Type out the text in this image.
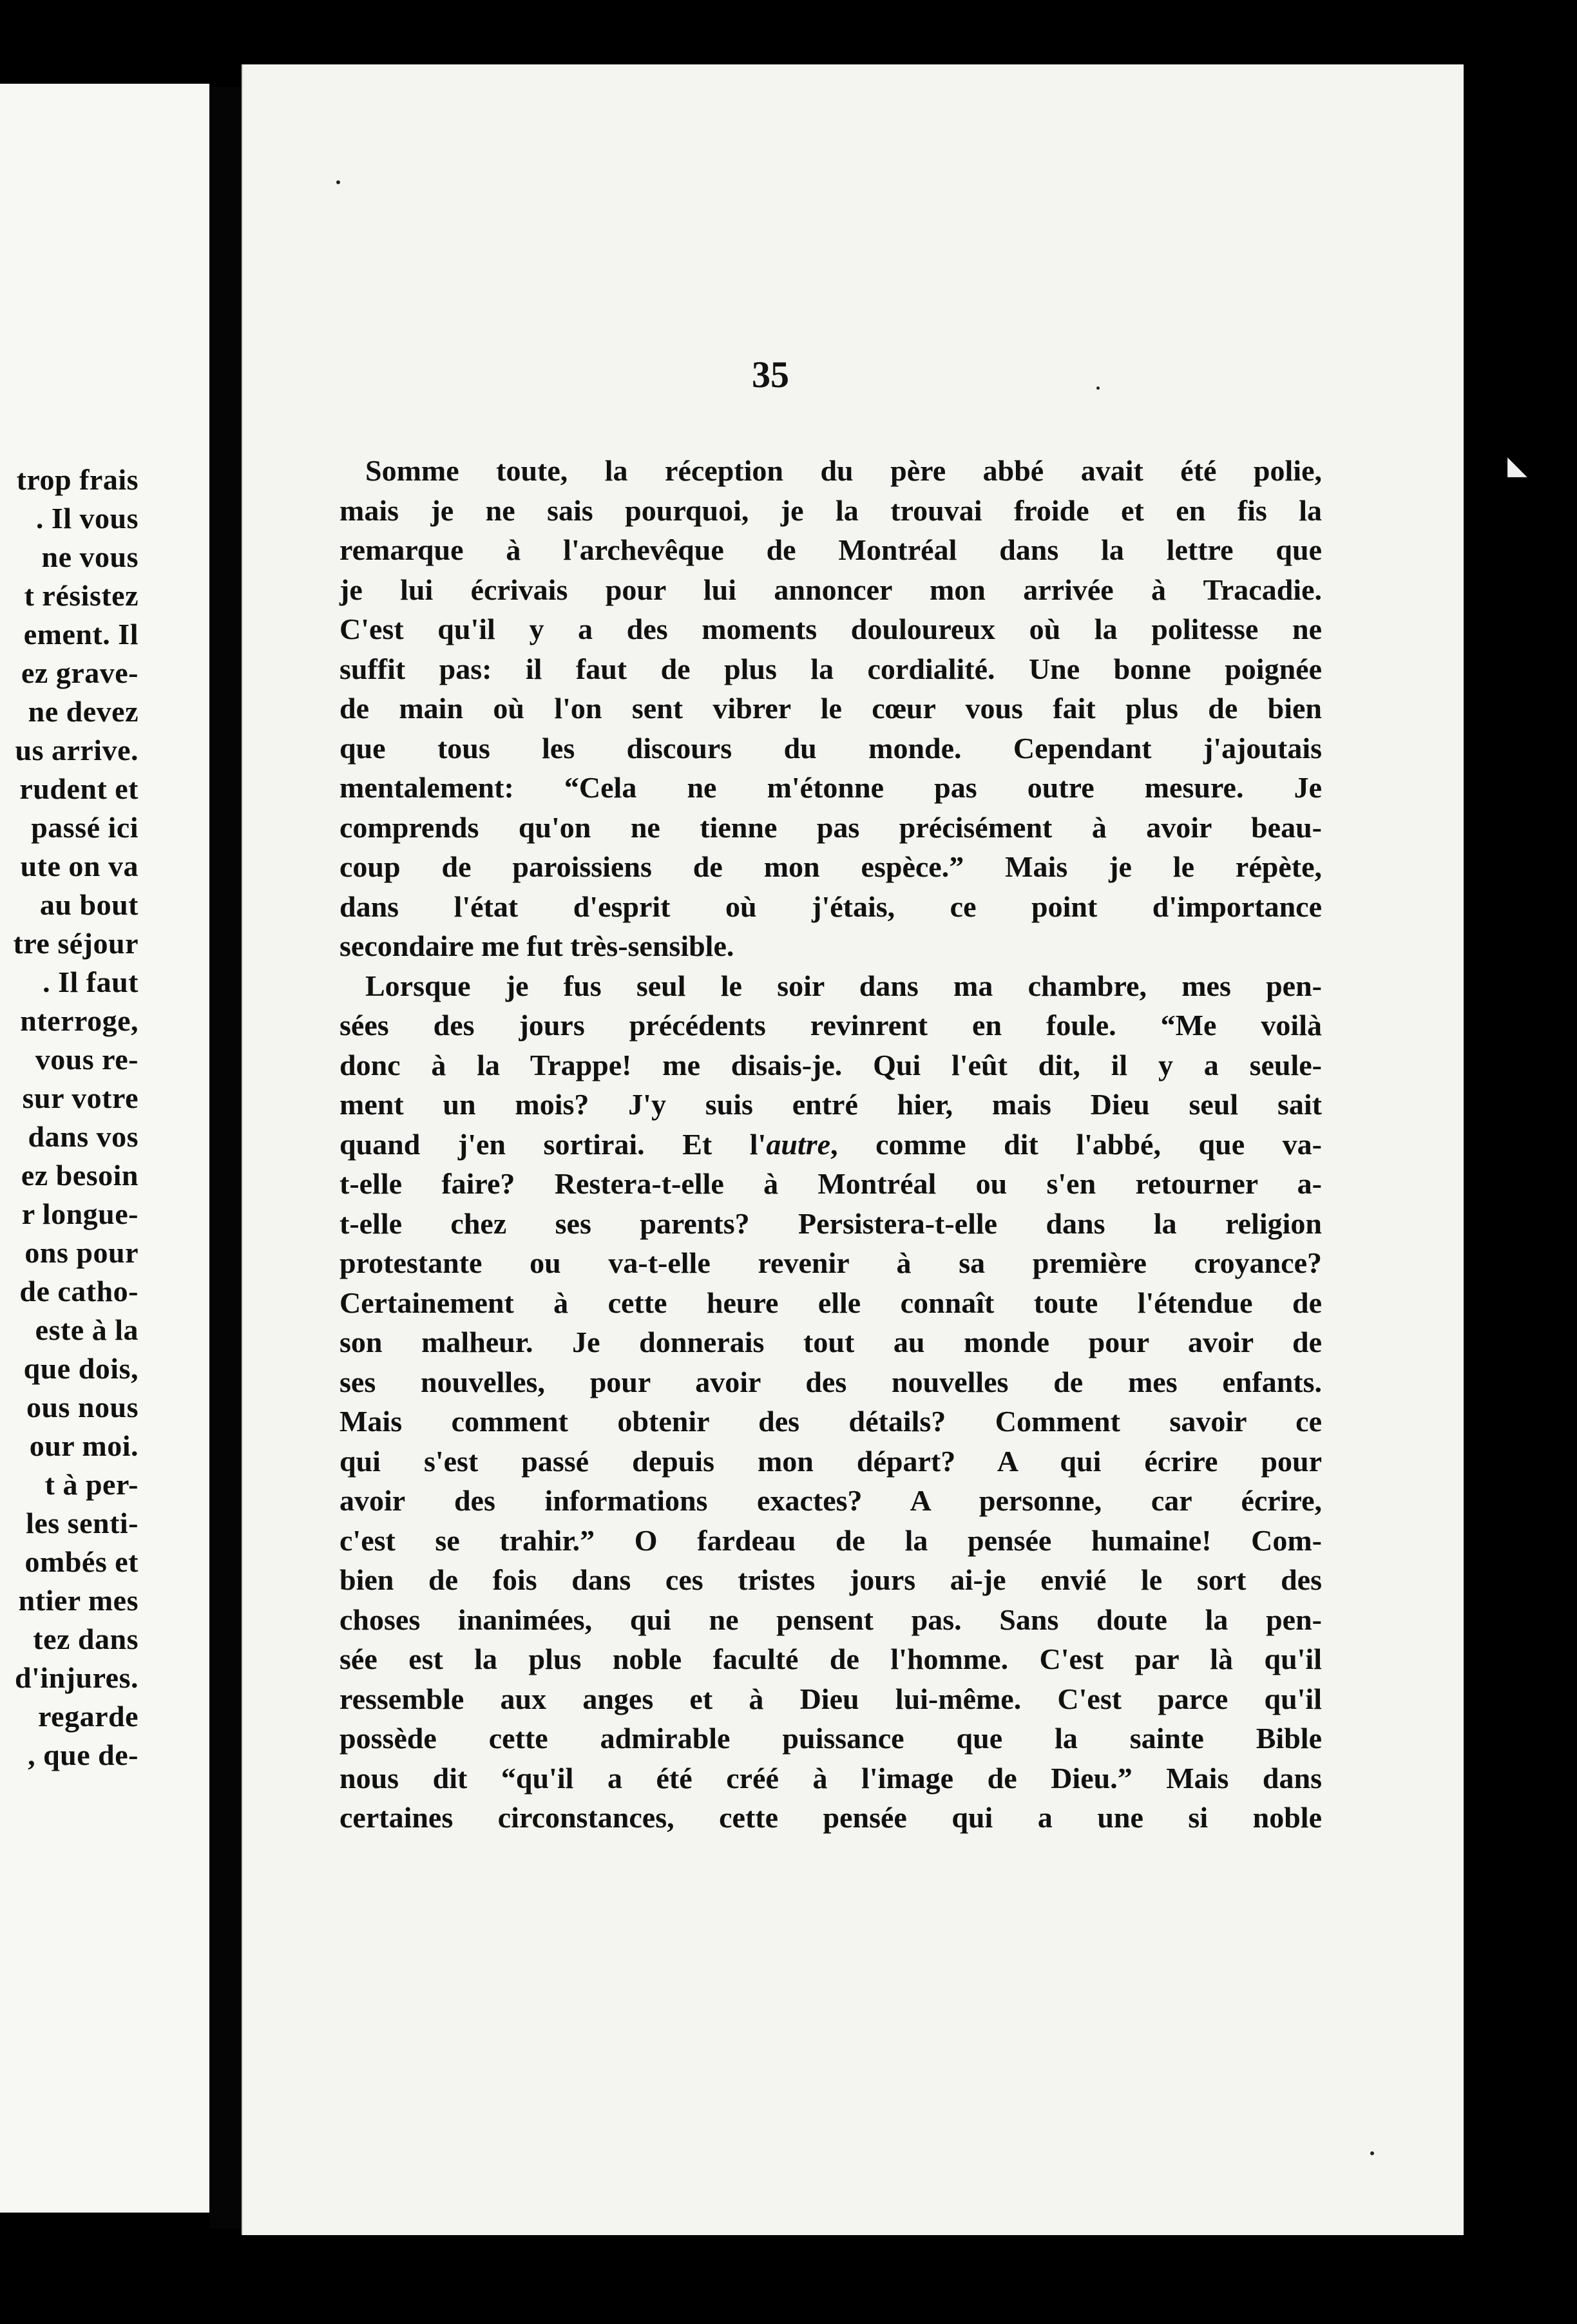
trop frais
. Il vous
ne vous
t résistez
ement. Il
ez grave-
ne devez
us arrive.
rudent et
passé ici
ute on va
au bout
tre séjour
. Il faut
nterroge,
vous re-
sur votre
dans vos
ez besoin
r longue-
ons pour
de catho-
este à la
que dois,
ous nous
our moi.
t à per-
les senti-
ombés et
ntier mes
tez dans
d'injures.
regarde
, que de-
35
Somme toute, la réception du père abbé avait été polie,
mais je ne sais pourquoi, je la trouvai froide et en fis la
remarque à l'archevêque de Montréal dans la lettre que
je lui écrivais pour lui annoncer mon arrivée à Tracadie.
C'est qu'il y a des moments douloureux où la politesse ne
suffit pas: il faut de plus la cordialité. Une bonne poignée
de main où l'on sent vibrer le cœur vous fait plus de bien
que tous les discours du monde. Cependant j'ajoutais
mentalement: “Cela ne m'étonne pas outre mesure. Je
comprends qu'on ne tienne pas précisément à avoir beau-
coup de paroissiens de mon espèce.” Mais je le répète,
dans l'état d'esprit où j'étais, ce point d'importance
secondaire me fut très-sensible.
Lorsque je fus seul le soir dans ma chambre, mes pen-
sées des jours précédents revinrent en foule. “Me voilà
donc à la Trappe! me disais-je. Qui l'eût dit, il y a seule-
ment un mois? J'y suis entré hier, mais Dieu seul sait
quand j'en sortirai. Et l'autre, comme dit l'abbé, que va-
t-elle faire? Restera-t-elle à Montréal ou s'en retourner a-
t-elle chez ses parents? Persistera-t-elle dans la religion
protestante ou va-t-elle revenir à sa première croyance?
Certainement à cette heure elle connaît toute l'étendue de
son malheur. Je donnerais tout au monde pour avoir de
ses nouvelles, pour avoir des nouvelles de mes enfants.
Mais comment obtenir des détails? Comment savoir ce
qui s'est passé depuis mon départ? A qui écrire pour
avoir des informations exactes? A personne, car écrire,
c'est se trahir.” O fardeau de la pensée humaine! Com-
bien de fois dans ces tristes jours ai-je envié le sort des
choses inanimées, qui ne pensent pas. Sans doute la pen-
sée est la plus noble faculté de l'homme. C'est par là qu'il
ressemble aux anges et à Dieu lui-même. C'est parce qu'il
possède cette admirable puissance que la sainte Bible
nous dit “qu'il a été créé à l'image de Dieu.” Mais dans
certaines circonstances, cette pensée qui a une si noble
◣
